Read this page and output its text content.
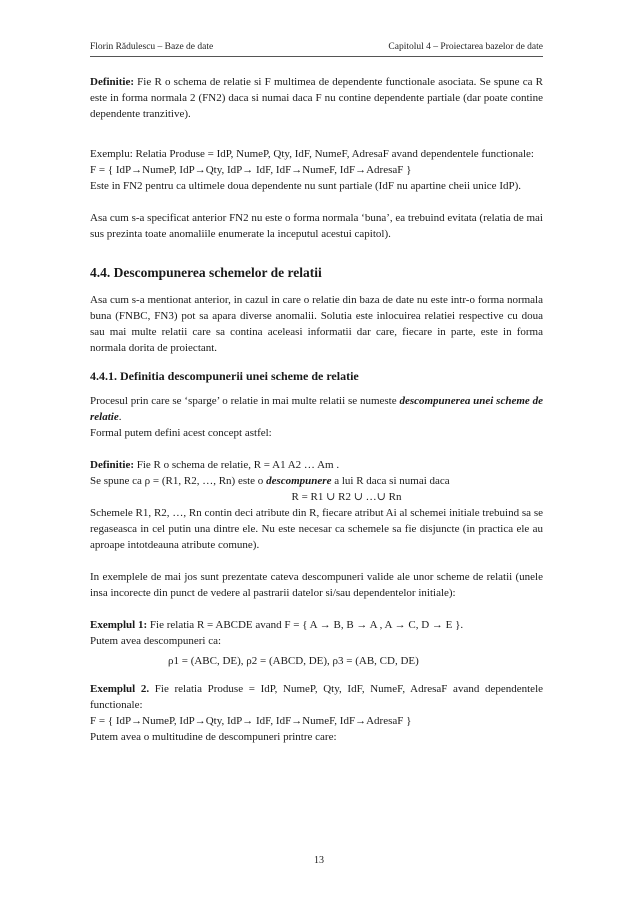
Florin Rădulescu – Baze de date	Capitolul 4 – Proiectarea bazelor de date

Definitie: Fie R o schema de relatie si F multimea de dependente functionale asociata. Se spune ca R este in forma normala 2 (FN2) daca si numai daca F nu contine dependente partiale (dar poate contine dependente tranzitive).

Exemplu: Relatia Produse = IdP, NumeP, Qty, IdF, NumeF, AdresaF avand dependentele functionale:
F = { IdP→NumeP, IdP→Qty, IdP→ IdF, IdF→NumeF, IdF→AdresaF }
Este in FN2 pentru ca ultimele doua dependente nu sunt partiale (IdF nu apartine cheii unice IdP).

Asa cum s-a specificat anterior FN2 nu este o forma normala ‘buna’, ea trebuind evitata (relatia de mai sus prezinta toate anomaliile enumerate la inceputul acestui capitol).

4.4. Descompunerea schemelor de relatii

Asa cum s-a mentionat anterior, in cazul in care o relatie din baza de date nu este intr-o forma normala buna (FNBC, FN3) pot sa apara diverse anomalii. Solutia este inlocuirea relatiei respective cu doua sau mai multe relatii care sa contina aceleasi informatii dar care, fiecare in parte, este in forma normala dorita de proiectant.

4.4.1. Definitia descompunerii unei scheme de relatie

Procesul prin care se ‘sparge’ o relatie in mai multe relatii se numeste descompunerea unei scheme de relatie.
Formal putem defini acest concept astfel:

Definitie: Fie R o schema de relatie, R = A1 A2 … Am .
Se spune ca ρ = (R1, R2, …, Rn) este o descompunere a lui R daca si numai daca

R = R1 ∪ R2 ∪ …∪ Rn

Schemele R1, R2, …, Rn contin deci atribute din R, fiecare atribut Ai al schemei initiale trebuind sa se regaseasca in cel putin una dintre ele. Nu este necesar ca schemele sa fie disjuncte (in practica ele au aproape intotdeauna atribute comune).

In exemplele de mai jos sunt prezentate cateva descompuneri valide ale unor scheme de relatii (unele insa incorecte din punct de vedere al pastrarii datelor si/sau dependentelor initiale):

Exemplul 1: Fie relatia R = ABCDE avand F = { A → B, B → A , A → C, D → E }.
Putem avea descompuneri ca:

ρ1 = (ABC, DE), ρ2 = (ABCD, DE), ρ3 = (AB, CD, DE)

Exemplul 2. Fie relatia Produse = IdP, NumeP, Qty, IdF, NumeF, AdresaF avand dependentele functionale:
F = { IdP→NumeP, IdP→Qty, IdP→ IdF, IdF→NumeF, IdF→AdresaF }
Putem avea o multitudine de descompuneri printre care:

13
